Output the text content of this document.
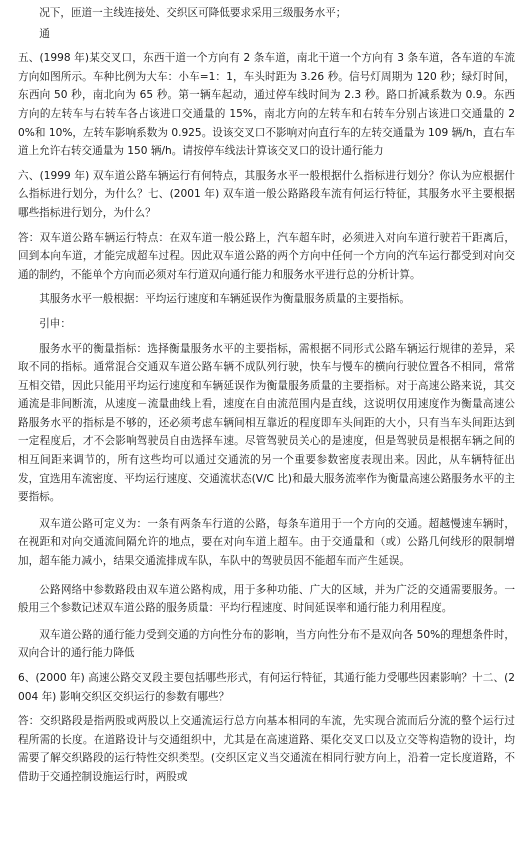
况下，匝道一主线连接处、交织区可降低要求采用三级服务水平；

通

五、(1998 年)某交叉口，东西干道一个方向有 2 条车道，南北干道一个方向有 3 条车道，各车道的车流方向如图所示。车种比例为大车：小车=1：1，车头时距为 3.26 秒。信号灯周期为 120 秒；绿灯时间，东西向 50 秒，南北向为 65 秒。第一辆车起动，通过停车线时间为 2.3 秒。路口折减系数为 0.9。东西方向的左转车与右转车各占该进口交通量的 15%，南北方向的左转车和右转车分别占该进口交通量的 20%和 10%，左转车影响系数为 0.925。设该交叉口不影响对向直行车的左转交通量为 109 辆/h，直右车道上允许右转交通量为 150 辆/h。请按停车线法计算该交叉口的设计通行能力

六、(1999 年) 双车道公路车辆运行有何特点，其服务水平一般根据什么指标进行划分？你认为应根据什么指标进行划分，为什么？七、(2001 年) 双车道一般公路路段车流有何运行特征，其服务水平主要根据哪些指标进行划分，为什么？

答：双车道公路车辆运行特点：在双车道一般公路上，汽车超车时，必须进入对向车道行驶若干距离后，回到本向车道，才能完成超车过程。因此双车道公路的两个方向中任何一个方向的汽车运行都受到对向交通的制约，不能单个方向而必须对车行道双向通行能力和服务水平进行总的分析计算。

其服务水平一般根据：平均运行速度和车辆延误作为衡量服务质量的主要指标。

引申：

服务水平的衡量指标：选择衡量服务水平的主要指标，需根据不同形式公路车辆运行规律的差异，采取不同的指标。通常混合交通双车道公路车辆不成队列行驶，快车与慢车的横向行驶位置各不相同，常常互相交错，因此只能用平均运行速度和车辆延误作为衡量服务质量的主要指标。对于高速公路来说，其交通流是非间断流，从速度－流量曲线上看，速度在自由流范围内是直线，这说明仅用速度作为衡量高速公路服务水平的指标是不够的，还必须考虑车辆间相互靠近的程度即车头间距的大小，只有当车头间距达到一定程度后，才不会影响驾驶员自由选择车速。尽管驾驶员关心的是速度，但是驾驶员是根据车辆之间的相互间距来调节的，所有这些均可以通过交通流的另一个重要参数密度表现出来。因此，从车辆特征出发，宜选用车流密度、平均运行速度、交通流状态(V/C 比)和最大服务流率作为衡量高速公路服务水平的主要指标。

双车道公路可定义为：一条有两条车行道的公路，每条车道用于一个方向的交通。超越慢速车辆时，在视距和对向交通流间隔允许的地点，要在对向车道上超车。由于交通量和（或）公路几何线形的限制增加，超车能力减小，结果交通流排成车队，车队中的驾驶员因不能超车而产生延误。

公路网络中参数路段由双车道公路构成，用于多种功能、广大的区域，并为广泛的交通需要服务。一般用三个参数记述双车道公路的服务质量：平均行程速度、时间延误率和通行能力利用程度。

双车道公路的通行能力受到交通的方向性分布的影响，当方向性分布不是双向各 50%的理想条件时，双向合计的通行能力降低

6、(2000 年) 高速公路交叉段主要包括哪些形式，有何运行特征，其通行能力受哪些因素影响？十二、(2004 年) 影响交织区交织运行的参数有哪些？

答：交织路段是指两股或两股以上交通流运行总方向基本相同的车流，先实现合流而后分流的整个运行过程所需的长度。在道路设计与交通组织中，尤其是在高速道路、渠化交叉口以及立交等构造物的设计，均需要了解交织路段的运行特性交织类型。(交织区定义当交通流在相同行驶方向上，沿着一定长度道路，不借助于交通控制设施运行时，两股或
